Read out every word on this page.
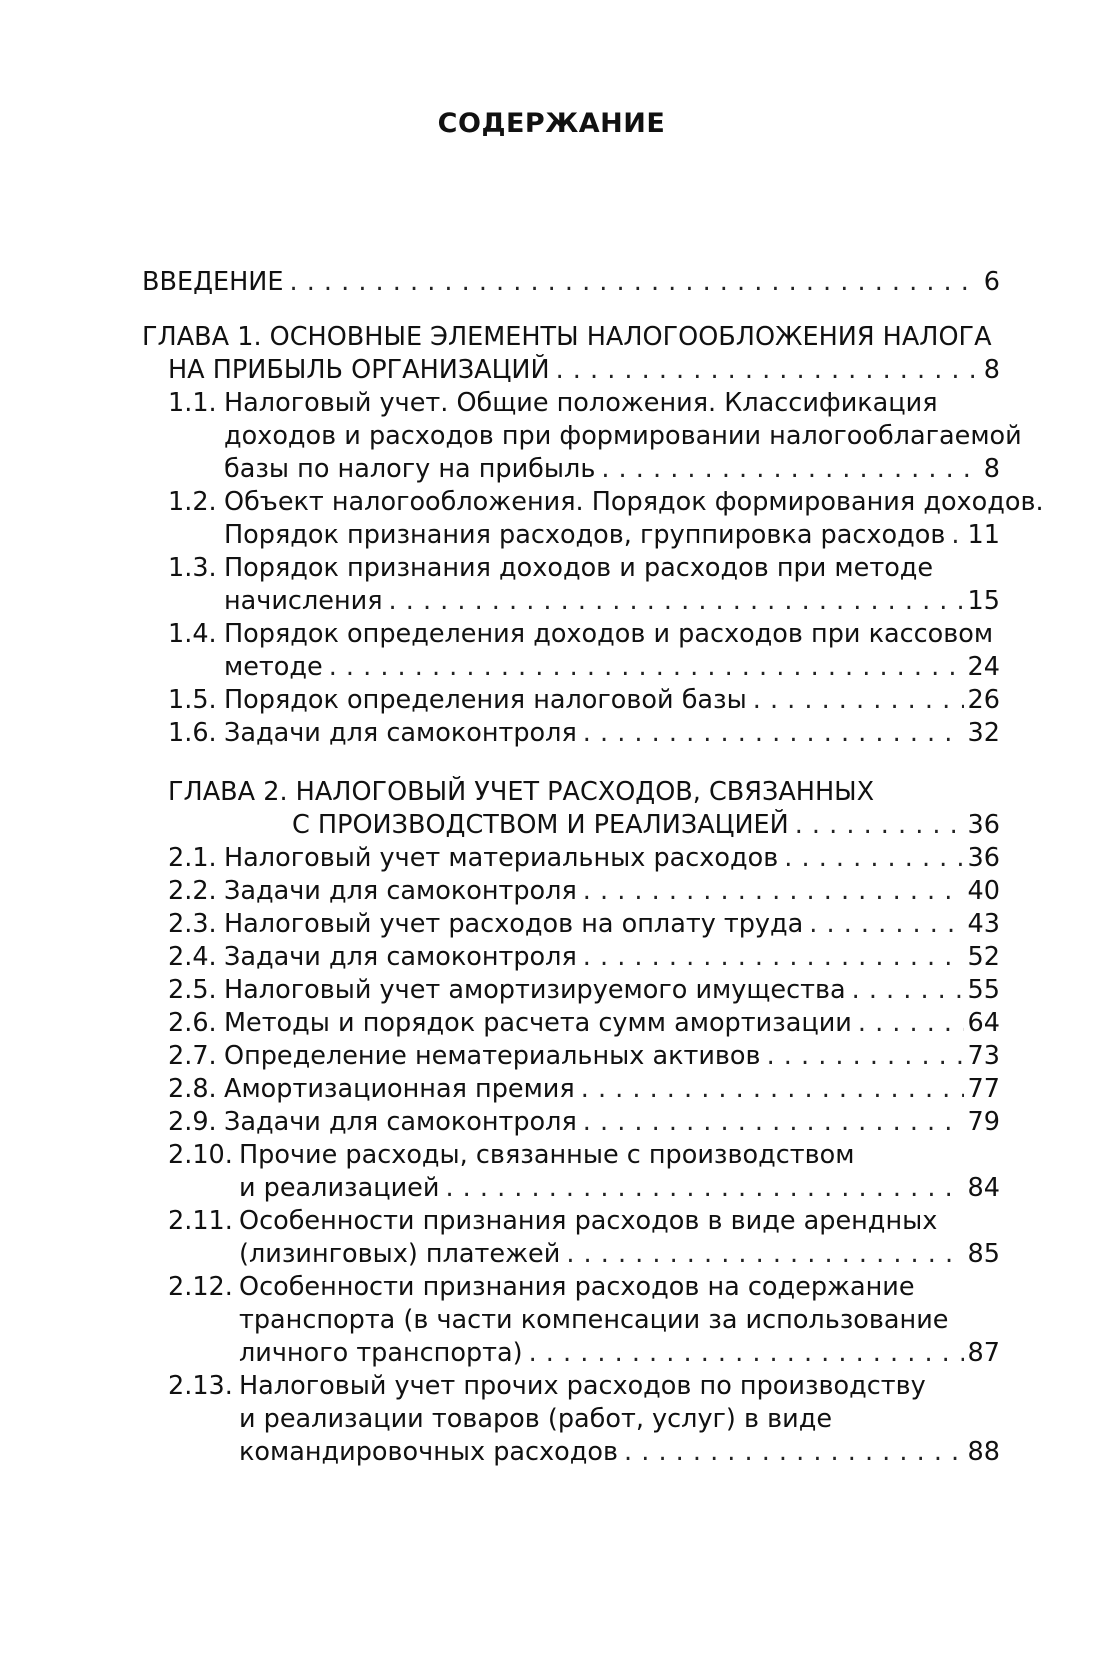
СОДЕРЖАНИЕ
ВВЕДЕНИЕ . . .	6
ГЛАВА 1. ОСНОВНЫЕ ЭЛЕМЕНТЫ НАЛОГООБЛОЖЕНИЯ НАЛОГА
НА ПРИБЫЛЬ ОРГАНИЗАЦИЙ . . .	8
1.1. Налоговый учет. Общие положения. Классификация
доходов и расходов при формировании налогооблагаемой
базы по налогу на прибыль . . .	8
1.2. Объект налогообложения. Порядок формирования доходов.
Порядок признания расходов, группировка расходов . . . 11
1.3. Порядок признания доходов и расходов при методе
начисления . . .	15
1.4. Порядок определения доходов и расходов при кассовом
методе . . .	24
1.5. Порядок определения налоговой базы . . .	26
1.6. Задачи для самоконтроля . . .	32
ГЛАВА 2. НАЛОГОВЫЙ УЧЕТ РАСХОДОВ, СВЯЗАННЫХ
С ПРОИЗВОДСТВОМ И РЕАЛИЗАЦИЕЙ . . .	36
2.1. Налоговый учет материальных расходов . . .	36
2.2. Задачи для самоконтроля . . .	40
2.3. Налоговый учет расходов на оплату труда . . .	43
2.4. Задачи для самоконтроля . . .	52
2.5. Налоговый учет амортизируемого имущества . . .	55
2.6. Методы и порядок расчета сумм амортизации . . .	64
2.7. Определение нематериальных активов . . .	73
2.8. Амортизационная премия . . .	77
2.9. Задачи для самоконтроля . . .	79
2.10. Прочие расходы, связанные с производством
и реализацией . . .	84
2.11. Особенности признания расходов в виде арендных
(лизинговых) платежей . . .	85
2.12. Особенности признания расходов на содержание
транспорта (в части компенсации за использование
личного транспорта) . . .	87
2.13. Налоговый учет прочих расходов по производству
и реализации товаров (работ, услуг) в виде
командировочных расходов . . .	88
